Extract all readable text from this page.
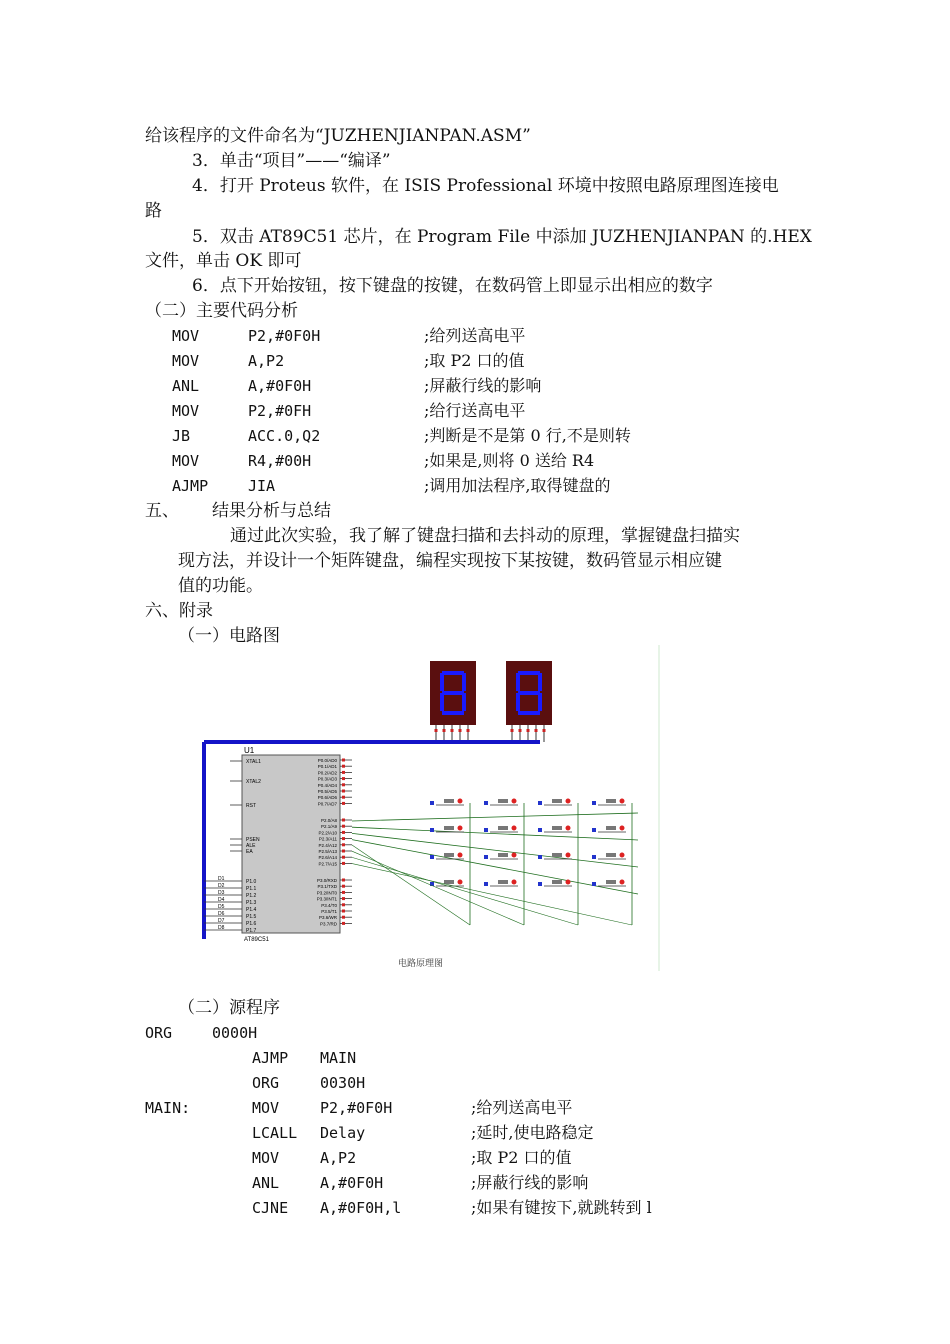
给该程序的文件命名为“JUZHENJIANPAN.ASM”
3．单击“项目”——“编译”
4．打开 Proteus 软件，在 ISIS Professional 环境中按照电路原理图连接电
路
5．双击 AT89C51 芯片，在 Program File 中添加 JUZHENJIANPAN 的.HEX
文件，单击 OK 即可
6．点下开始按钮，按下键盘的按键，在数码管上即显示出相应的数字
（二）主要代码分析
MOV	P2,#0F0H	;给列送高电平
MOV	A,P2	;取 P2 口的值
ANL	A,#0F0H	;屏蔽行线的影响
MOV	P2,#0FH	;给行送高电平
JB	ACC.0,Q2	;判断是不是第 0 行,不是则转
MOV	R4,#00H	;如果是,则将 0 送给 R4
AJMP	JIA	;调用加法程序,取得键盘的
五、 结果分析与总结
通过此次实验，我了解了键盘扫描和去抖动的原理，掌握键盘扫描实
现方法，并设计一个矩阵键盘，编程实现按下某按键，数码管显示相应键
值的功能。
六、附录
（一）电路图
U1
AT89C51
XTAL1
XTAL2
RST
PSEN
ALE
EA
P1.0
P1.1
P1.2
P1.3
P1.4
P1.5
P1.6
P1.7
P0.0/AD0
P0.1/AD1
P0.2/AD2
P0.3/AD3
P0.4/AD4
P0.5/AD5
P0.6/AD6
P0.7/AD7
P2.0/A8
P2.1/A9
P2.2/A10
P2.3/A11
P2.4/A12
P2.5/A13
P2.6/A14
P2.7/A15
P3.0/RXD
P3.1/TXD
P3.2/INT0
P3.3/INT1
P3.4/T0
P3.5/T1
P3.6/WR
P3.7/RD
D1
D2
D3
D4
D5
D6
D7
D8
电路原理图
（二）源程序
ORG	0000H
AJMP MAIN
ORG	0030H
MAIN:	MOV	P2,#0F0H	;给列送高电平
LCALL Delay	;延时,使电路稳定
MOV	A,P2	;取 P2 口的值
ANL	A,#0F0H	;屏蔽行线的影响
CJNE A,#0F0H,l	;如果有键按下,就跳转到 l
